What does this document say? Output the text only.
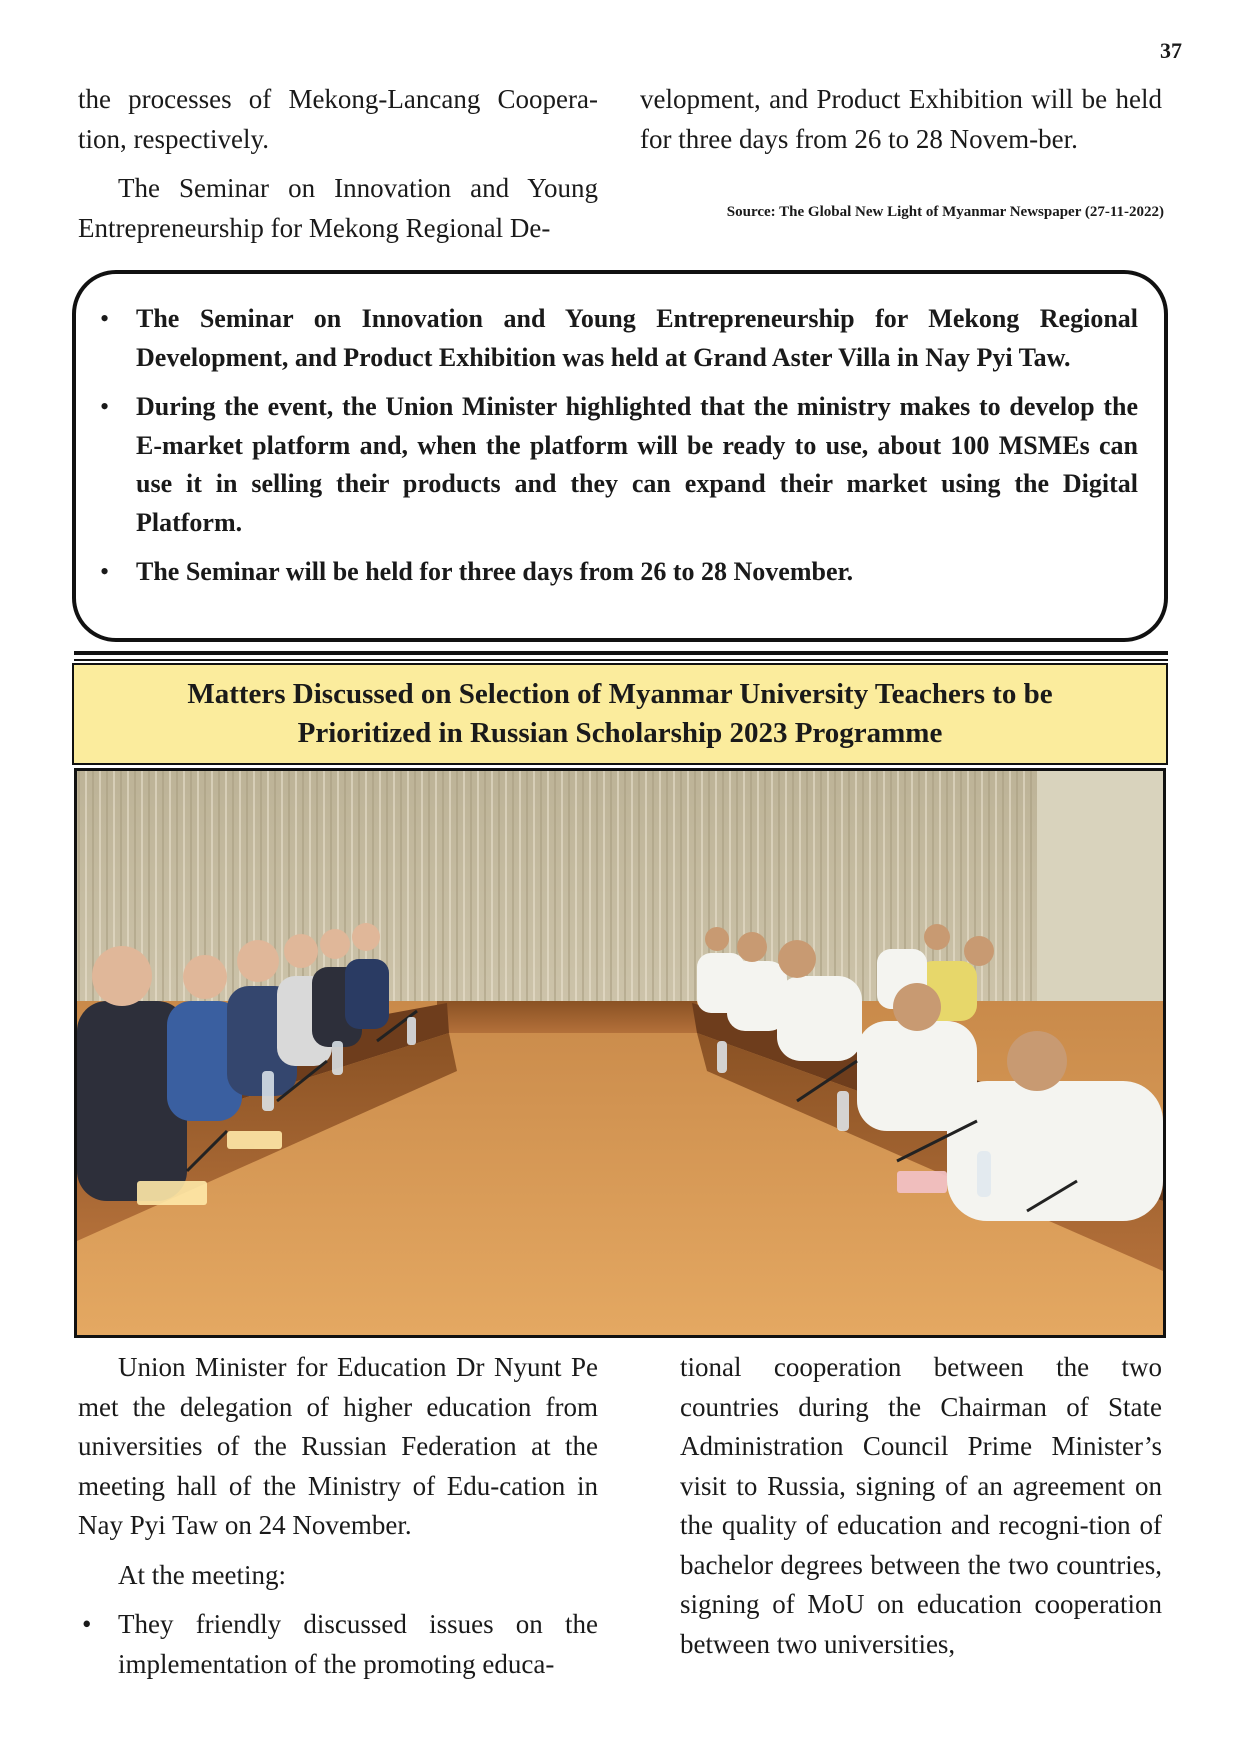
37

the processes of Mekong-Lancang Coopera-tion, respectively.

The Seminar on Innovation and Young Entrepreneurship for Mekong Regional De-

velopment, and Product Exhibition will be held for three days from 26 to 28 Novem-ber.

Source: The Global New Light of Myanmar Newspaper (27-11-2022)
• The Seminar on Innovation and Young Entrepreneurship for Mekong Regional Development, and Product Exhibition was held at Grand Aster Villa in Nay Pyi Taw.
• During the event, the Union Minister highlighted that the ministry makes to develop the E-market platform and, when the platform will be ready to use, about 100 MSMEs can use it in selling their products and they can expand their market using the Digital Platform.
• The Seminar will be held for three days from 26 to 28 November.
Matters Discussed on Selection of Myanmar University Teachers to be
Prioritized in Russian Scholarship 2023 Programme

Union Minister for Education Dr Nyunt Pe met the delegation of higher education from universities of the Russian Federation at the meeting hall of the Ministry of Edu-cation in Nay Pyi Taw on 24 November.

At the meeting:

• They friendly discussed issues on the implementation of the promoting educa-

tional cooperation between the two countries during the Chairman of State Administration Council Prime Minister’s visit to Russia, signing of an agreement on the quality of education and recogni-tion of bachelor degrees between the two countries, signing of MoU on education cooperation between two universities,
